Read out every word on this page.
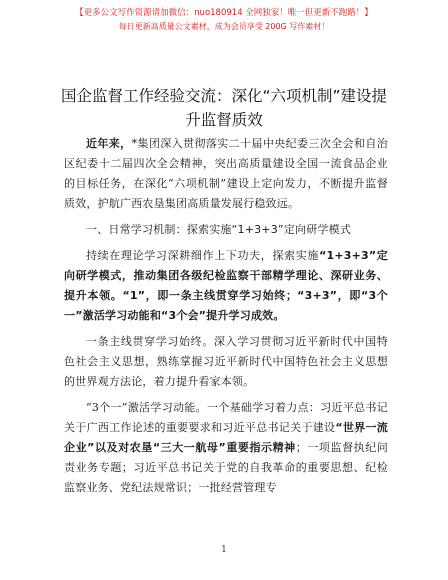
【更多公文写作资源请加微信：nuo180914 全网独家！唯一但更新不跑路！】
每日更新高质量公文素材，成为会员享受 200G 写作素材！
国企监督工作经验交流：深化“六项机制”建设提升监督质效

近年来，*集团深入贯彻落实二十届中央纪委三次全会和自治区纪委十二届四次全会精神，突出高质量建设全国一流食品企业的目标任务，在深化“六项机制”建设上定向发力，不断提升监督质效，护航广西农垦集团高质量发展行稳致远。

一、日常学习机制：探索实施“1+3+3”定向研学模式

持续在理论学习深耕细作上下功夫，探索实施“1+3+3”定向研学模式，推动集团各级纪检监察干部精学理论、深研业务、提升本领。“1”，即一条主线贯穿学习始终；“3+3”，即“3个一”激活学习动能和“3个会”提升学习成效。

一条主线贯穿学习始终。深入学习贯彻习近平新时代中国特色社会主义思想，熟练掌握习近平新时代中国特色社会主义思想的世界观方法论，着力提升看家本领。

“3个一”激活学习动能。一个基础学习着力点：习近平总书记关于广西工作论述的重要要求和习近平总书记关于建设“世界一流企业”以及对农垦“三大一航母”重要指示精神；一项监督执纪问责业务专题；习近平总书记关于党的自我革命的重要思想、纪检监察业务、党纪法规常识；一批经营管理专

1
